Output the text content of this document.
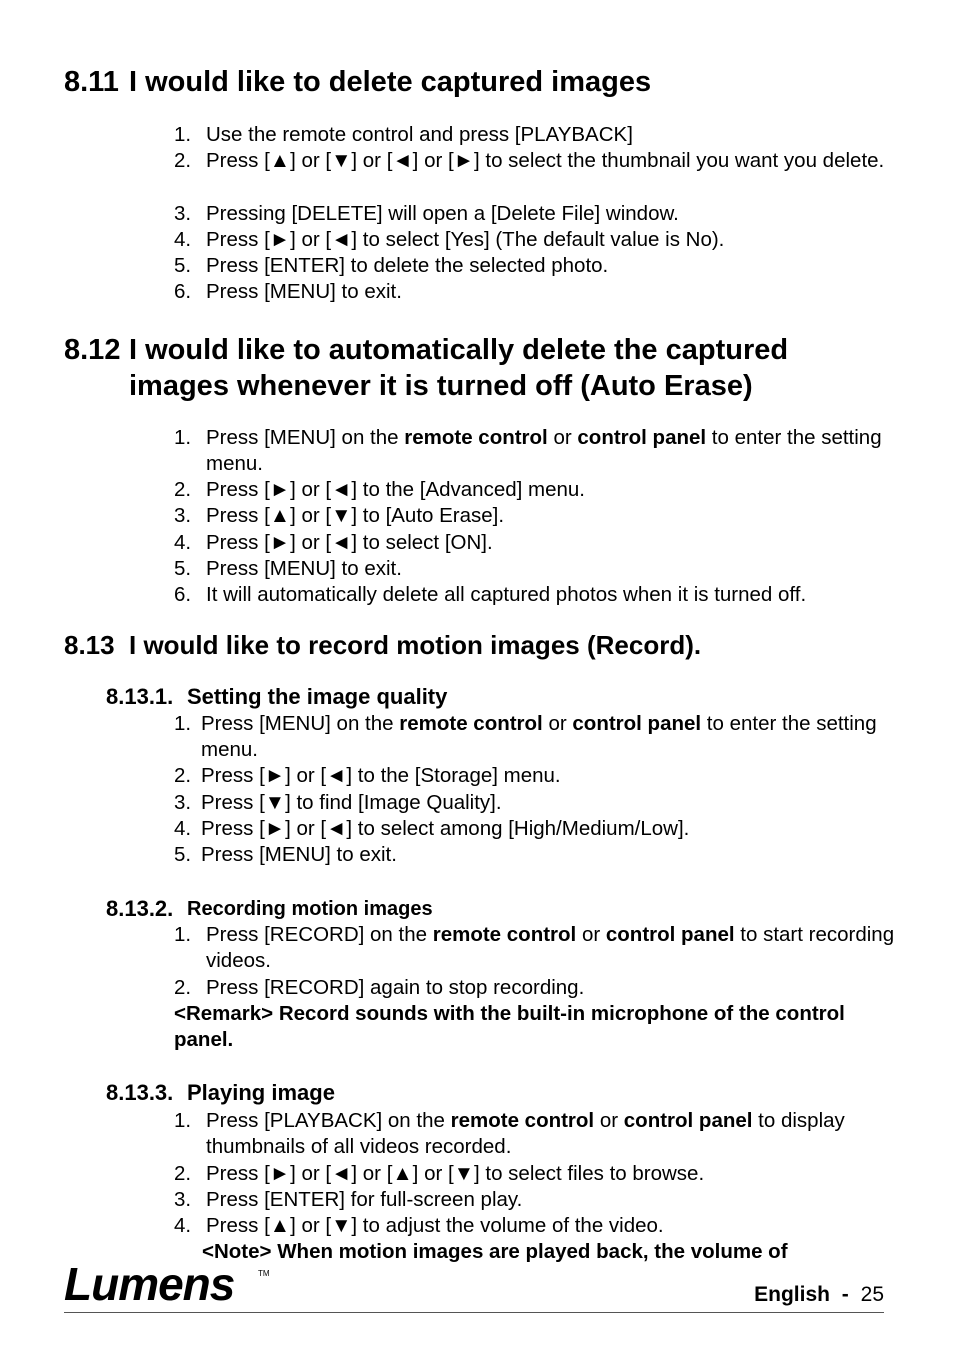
8.11 I would like to delete captured images
1. Use the remote control and press [PLAYBACK]
2. Press [▲] or [▼] or [◄] or [►] to select the thumbnail you want you delete.
3. Pressing [DELETE] will open a [Delete File] window.
4. Press [►] or [◄] to select [Yes] (The default value is No).
5. Press [ENTER] to delete the selected photo.
6. Press [MENU] to exit.
8.12 I would like to automatically delete the captured
images whenever it is turned off (Auto Erase)
1. Press [MENU] on the remote control or control panel to enter the setting menu.
2. Press [►] or [◄] to the [Advanced] menu.
3. Press [▲] or [▼] to [Auto Erase].
4. Press [►] or [◄] to select [ON].
5. Press [MENU] to exit.
6. It will automatically delete all captured photos when it is turned off.
8.13 I would like to record motion images (Record).
8.13.1. Setting the image quality
1. Press [MENU] on the remote control or control panel to enter the setting menu.
2. Press [►] or [◄] to the [Storage] menu.
3. Press [▼] to find [Image Quality].
4. Press [►] or [◄] to select among [High/Medium/Low].
5. Press [MENU] to exit.
8.13.2. Recording motion images
1. Press [RECORD] on the remote control or control panel to start recording videos.
2. Press [RECORD] again to stop recording.

<Remark> Record sounds with the built-in microphone of the control panel.

8.13.3. Playing image
1. Press [PLAYBACK] on the remote control or control panel to display thumbnails of all videos recorded.
2. Press [►] or [◄] or [▲] or [▼] to select files to browse.
3. Press [ENTER] for full-screen play.
4. Press [▲] or [▼] to adjust the volume of the video.

<Note> When motion images are played back, the volume of

Lumens	TM
English - 25
